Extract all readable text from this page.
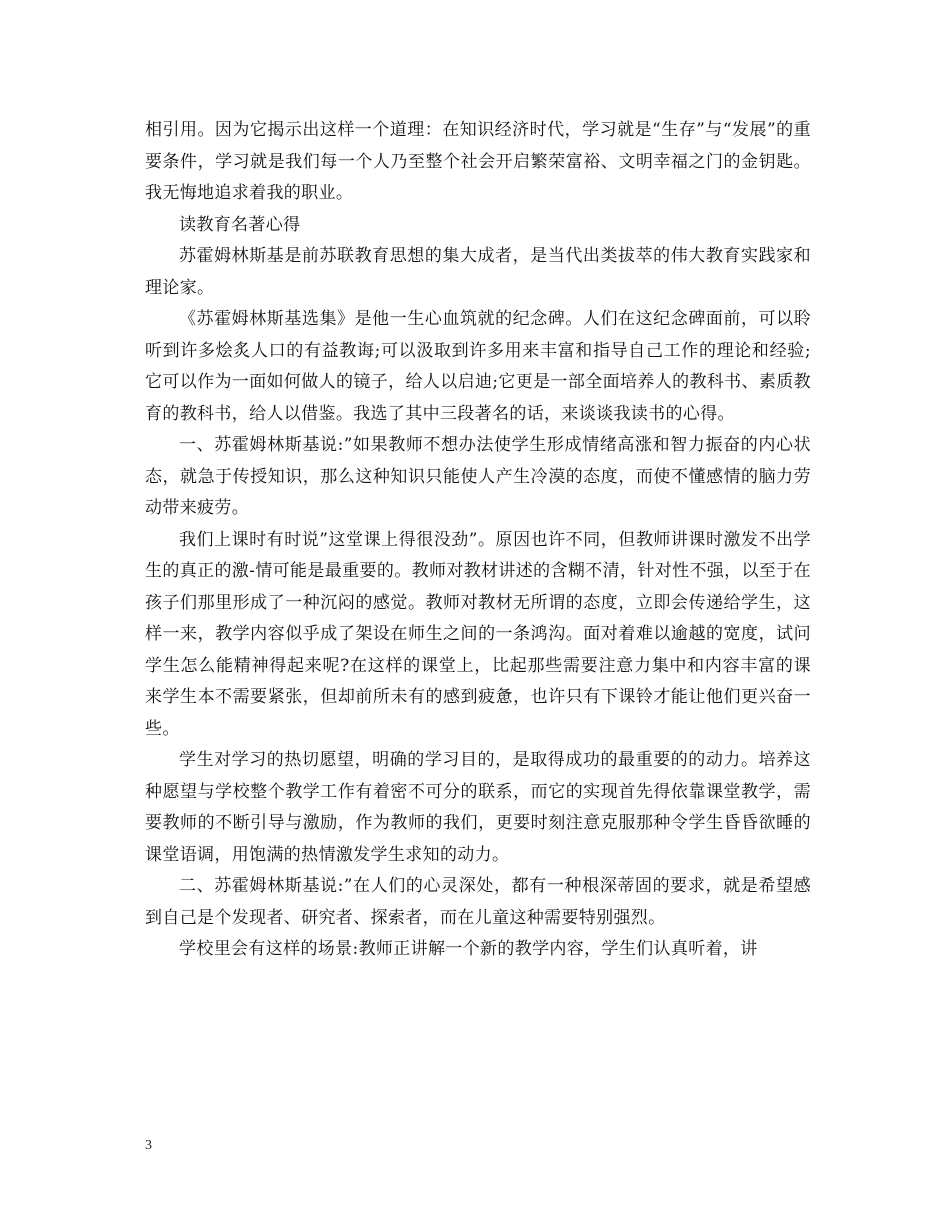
相引用。因为它揭示出这样一个道理：在知识经济时代，学习就是“生存”与“发展”的重要条件，学习就是我们每一个人乃至整个社会开启繁荣富裕、文明幸福之门的金钥匙。我无悔地追求着我的职业。

读教育名著心得

苏霍姆林斯基是前苏联教育思想的集大成者，是当代出类拔萃的伟大教育实践家和理论家。

《苏霍姆林斯基选集》是他一生心血筑就的纪念碑。人们在这纪念碑面前，可以聆听到许多烩炙人口的有益教诲;可以汲取到许多用来丰富和指导自己工作的理论和经验;它可以作为一面如何做人的镜子，给人以启迪;它更是一部全面培养人的教科书、素质教育的教科书，给人以借鉴。我选了其中三段著名的话，来谈谈我读书的心得。

一、苏霍姆林斯基说:”如果教师不想办法使学生形成情绪高涨和智力振奋的内心状态，就急于传授知识，那么这种知识只能使人产生冷漠的态度，而使不懂感情的脑力劳动带来疲劳。

我们上课时有时说”这堂课上得很没劲”。原因也许不同，但教师讲课时激发不出学生的真正的激-情可能是最重要的。教师对教材讲述的含糊不清，针对性不强，以至于在孩子们那里形成了一种沉闷的感觉。教师对教材无所谓的态度，立即会传递给学生，这样一来，教学内容似乎成了架设在师生之间的一条鸿沟。面对着难以逾越的宽度，试问学生怎么能精神得起来呢?在这样的课堂上，比起那些需要注意力集中和内容丰富的课来学生本不需要紧张，但却前所未有的感到疲惫，也许只有下课铃才能让他们更兴奋一些。

学生对学习的热切愿望，明确的学习目的，是取得成功的最重要的的动力。培养这种愿望与学校整个教学工作有着密不可分的联系，而它的实现首先得依靠课堂教学，需要教师的不断引导与激励，作为教师的我们，更要时刻注意克服那种令学生昏昏欲睡的课堂语调，用饱满的热情激发学生求知的动力。

二、苏霍姆林斯基说:”在人们的心灵深处，都有一种根深蒂固的要求，就是希望感到自己是个发现者、研究者、探索者，而在儿童这种需要特别强烈。

学校里会有这样的场景:教师正讲解一个新的教学内容，学生们认真听着，讲

3
